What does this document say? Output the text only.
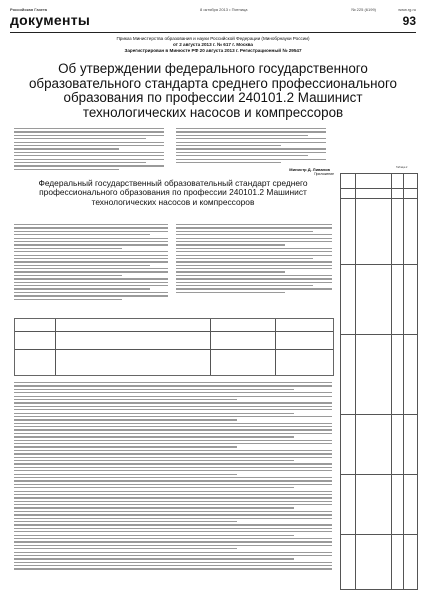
Российская Газета	8 октября 2013 • Пятница	www.rg.ru
№ 225 (6199)
документы	93
Приказ Министерства образования и науки Российской Федерации (Минобрнауки России)
от 2 августа 2013 г. № 617 г. Москва
Зарегистрирован в Минюсте РФ 20 августа 2013 г. Регистрационный № 29547
Об утверждении федерального государственного образовательного стандарта среднего профессионального образования по профессии 240101.2 Машинист технологических насосов и компрессоров
Министр Д. Ливанов
Приложение
Федеральный государственный образовательный стандарт среднего профессионального образования по профессии 240101.2 Машинист технологических насосов и компрессоров
Таблица 2
